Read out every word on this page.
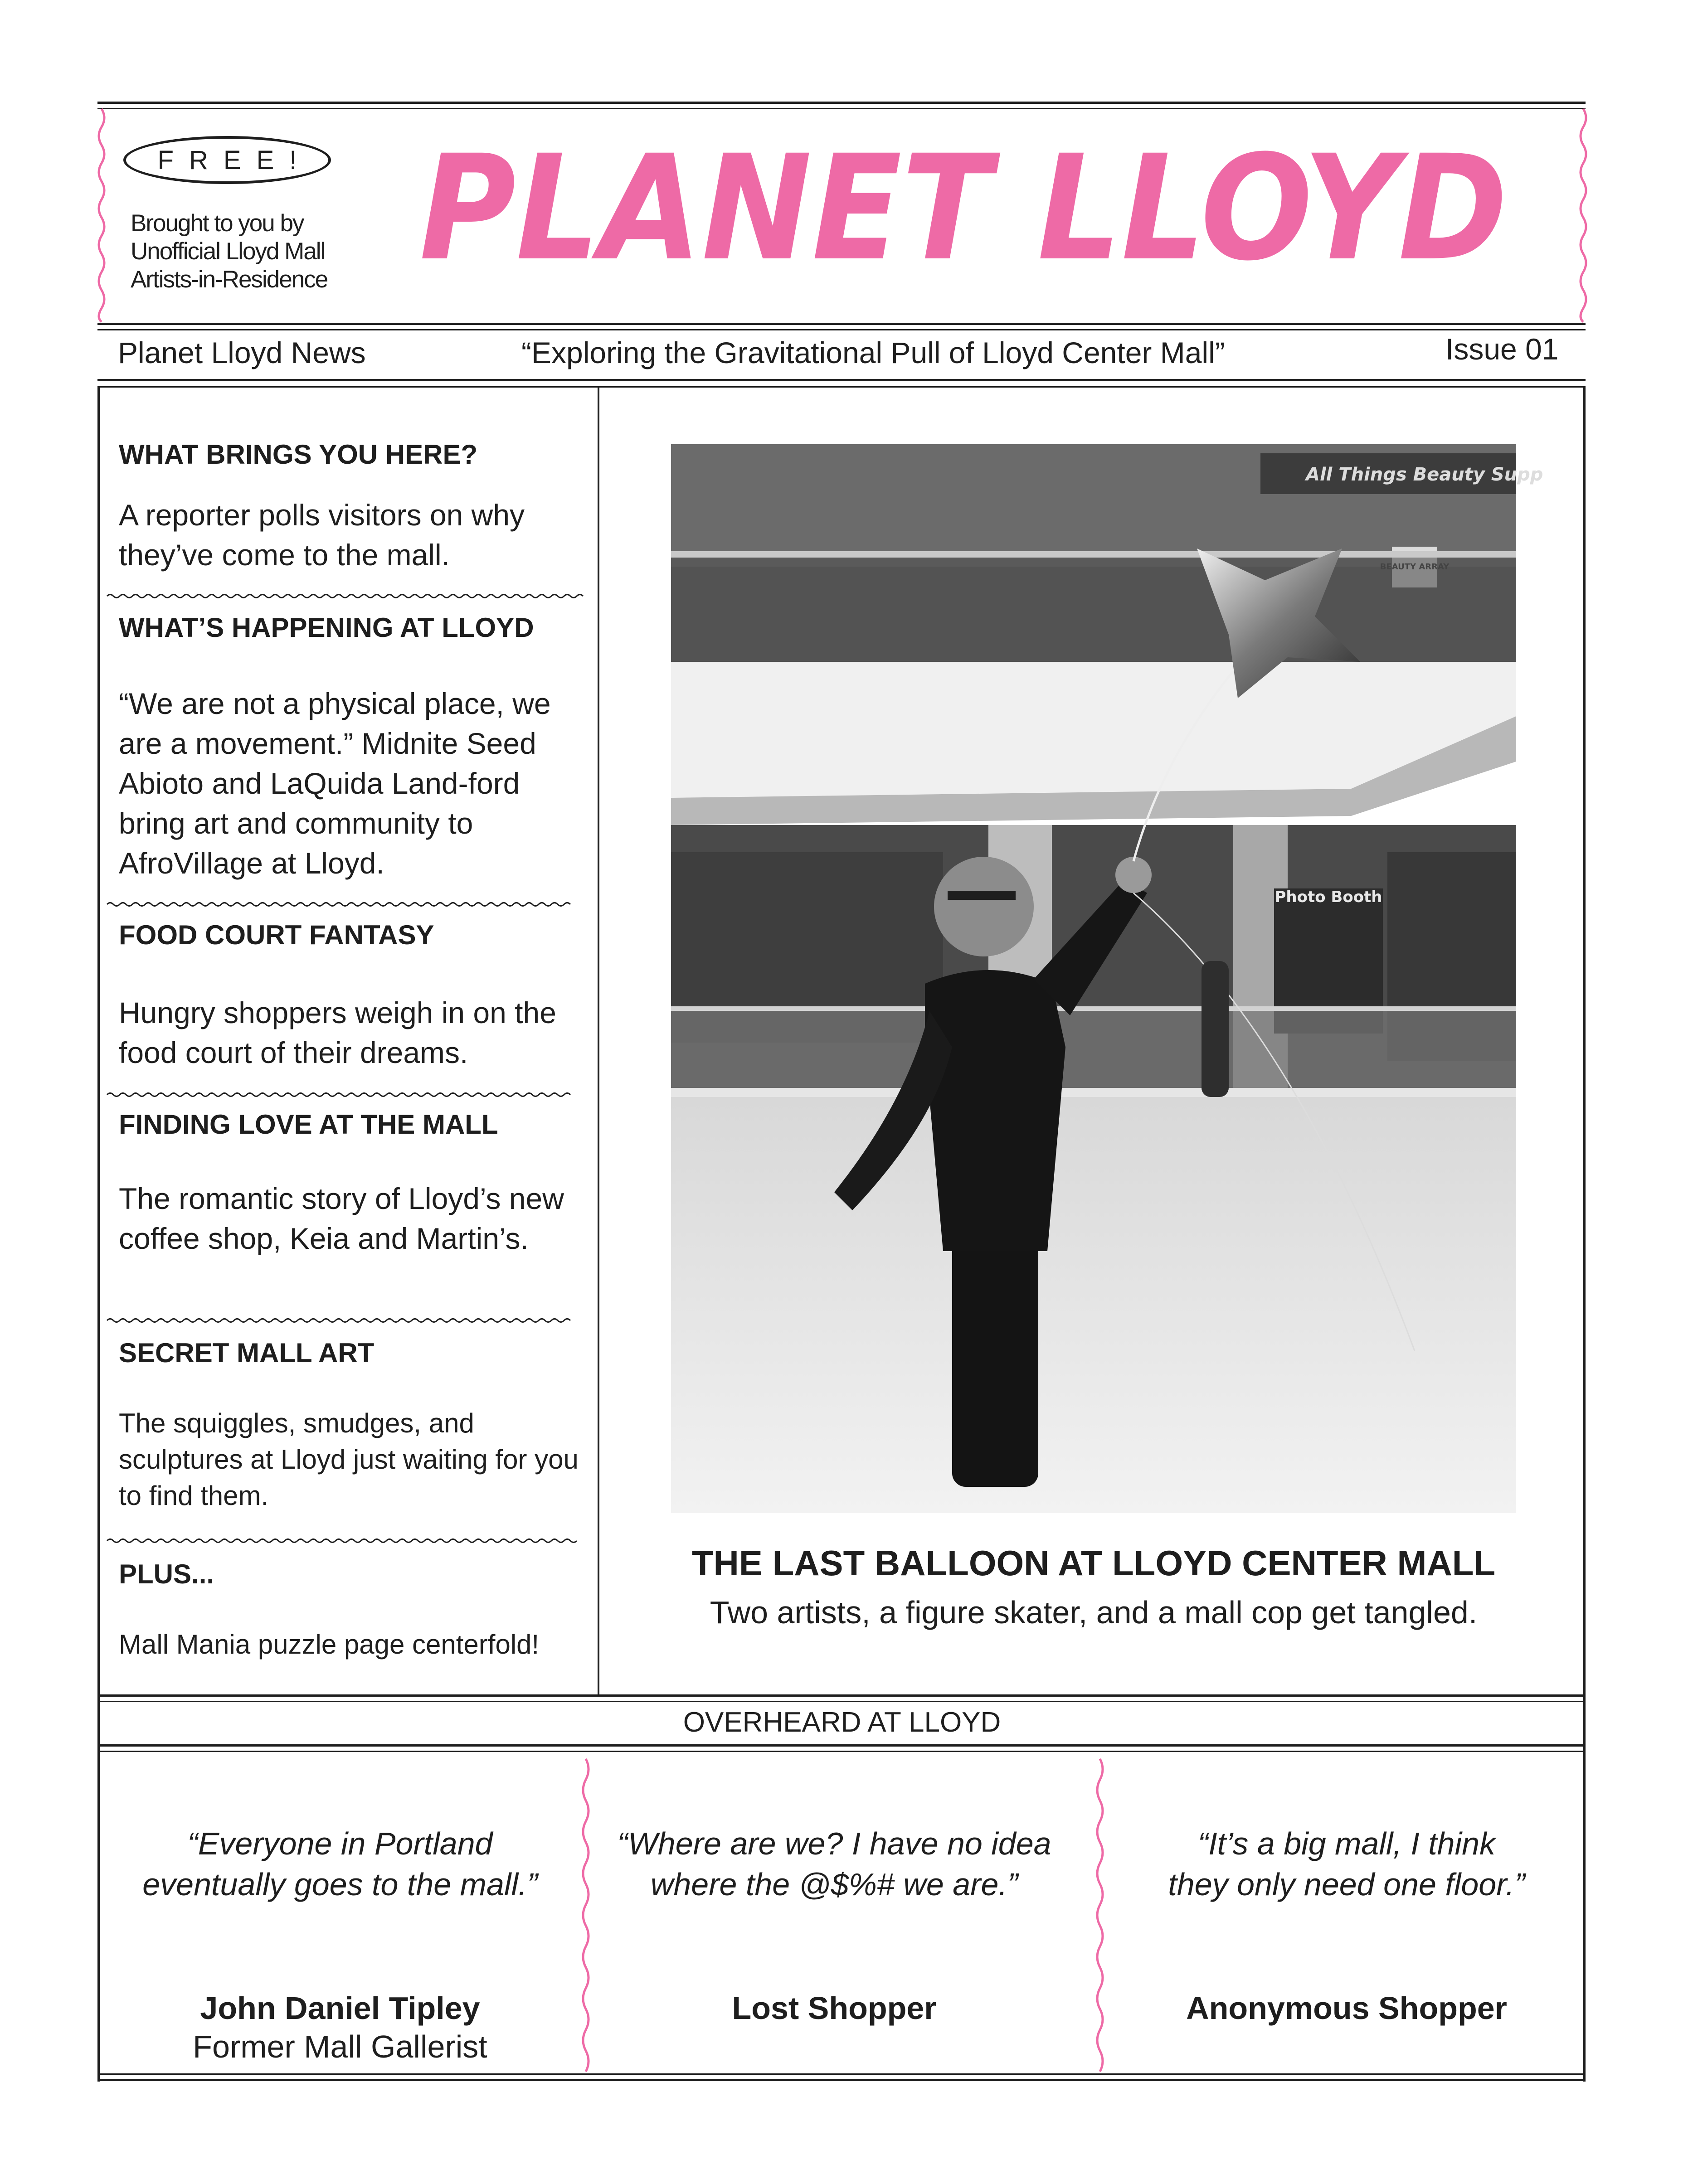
FREE!
Brought to you by
Unofficial Lloyd Mall
Artists-in-Residence PLANET LLOYD
Planet Lloyd News	“Exploring the Gravitational Pull of Lloyd Center Mall”	Issue 01
WHAT BRINGS YOU HERE?
A reporter polls visitors on why they’ve come to the mall.
WHAT’S HAPPENING AT LLOYD
“We are not a physical place, we are a movement.” Midnite Seed Abioto and LaQuida Land-ford bring art and community to AfroVillage at Lloyd.
FOOD COURT FANTASY
Hungry shoppers weigh in on the food court of their dreams.
FINDING LOVE AT THE MALL
The romantic story of Lloyd’s new coffee shop, Keia and Martin’s.
SECRET MALL ART
The squiggles, smudges, and sculptures at Lloyd just waiting for you to find them.
PLUS...
Mall Mania puzzle page centerfold!
All Things Beauty Supp
Photo Booth
THE LAST BALLOON AT LLOYD CENTER MALL
Two artists, a figure skater, and a mall cop get tangled.
OVERHEARD AT LLOYD
“Everyone in Portland
eventually goes to the mall.”
John Daniel Tipley
Former Mall Gallerist
“Where are we? I have no idea
where the @$%# we are.”
Lost Shopper
“It’s a big mall, I think
they only need one floor.”
Anonymous Shopper
